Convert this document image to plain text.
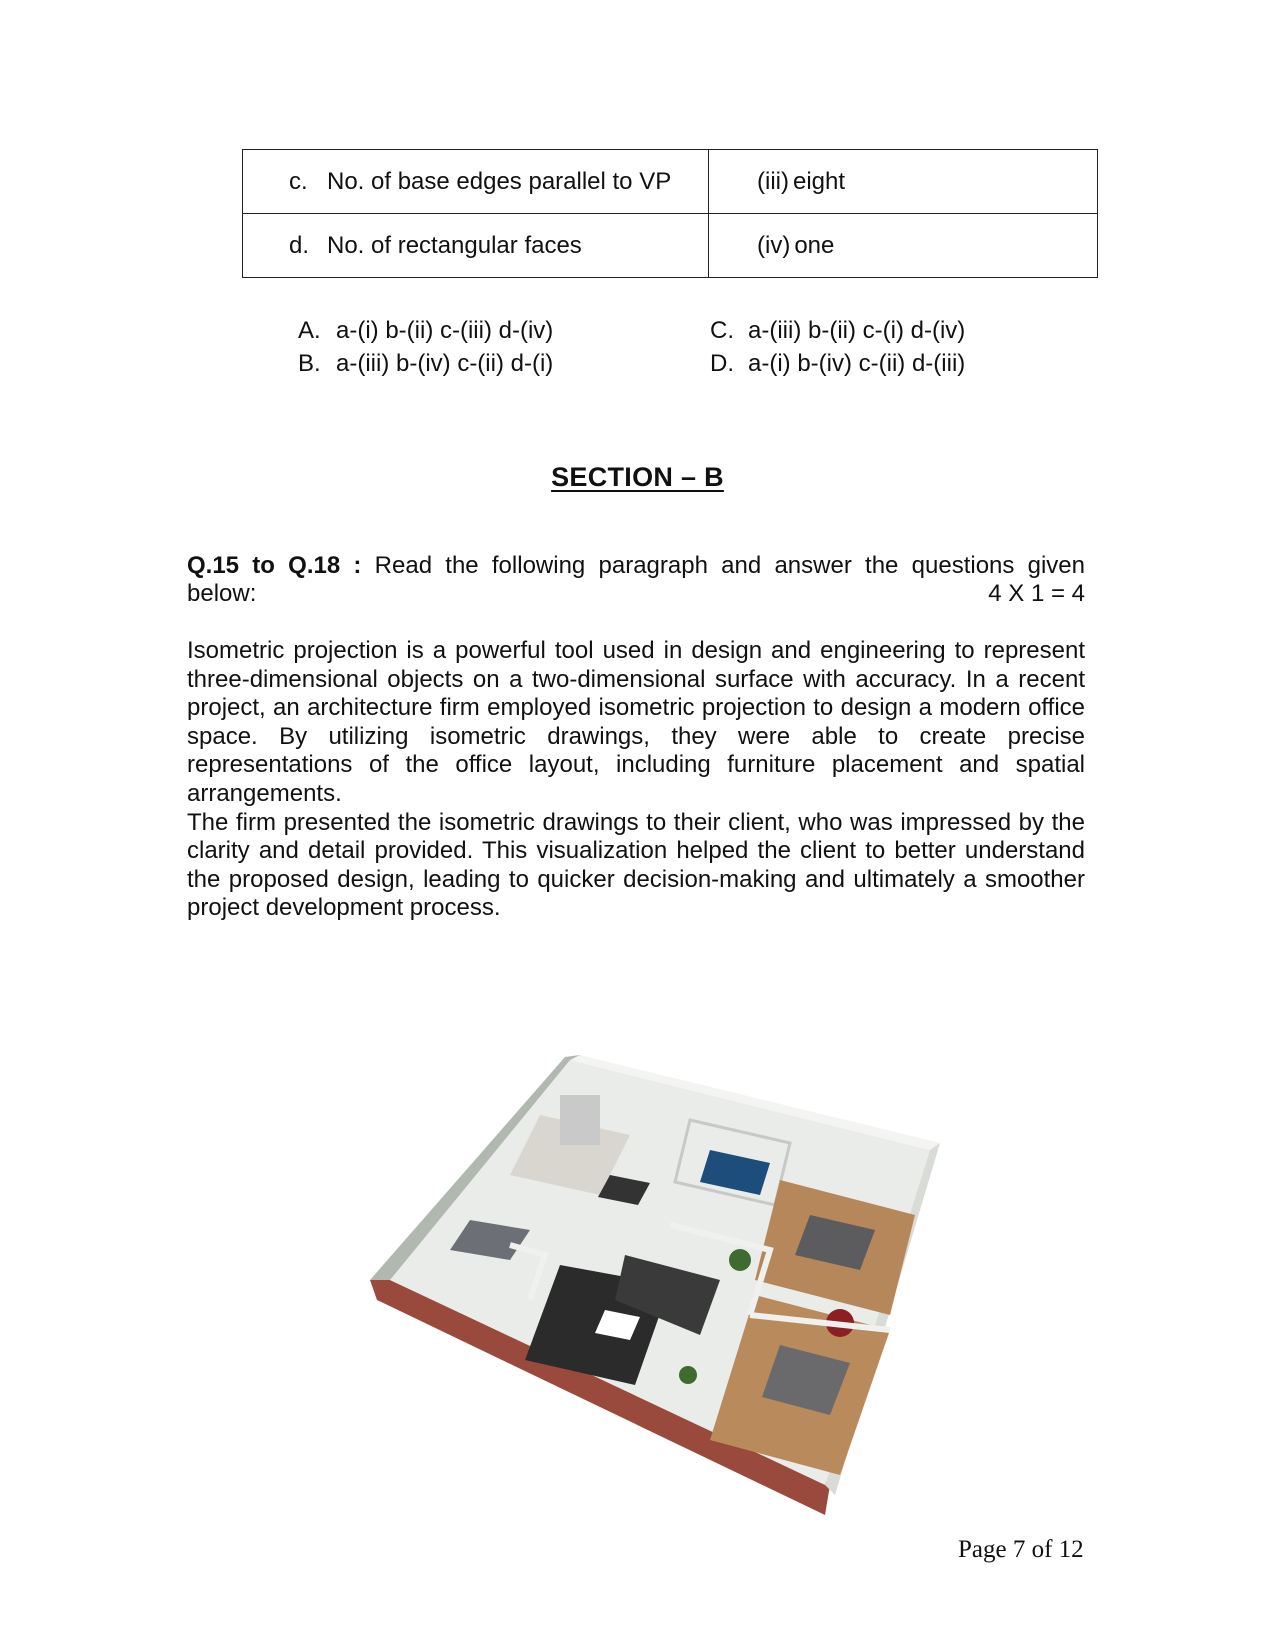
c. No. of base edges parallel to VP	(iii) eight

d. No. of rectangular faces	(iv) one
A. a-(i) b-(ii) c-(iii) d-(iv)
B. a-(iii) b-(iv) c-(ii) d-(i)
C. a-(iii) b-(ii) c-(i) d-(iv)
D. a-(i) b-(iv) c-(ii) d-(iii)
SECTION – B
Q.15 to Q.18 : Read the following paragraph and answer the questions given
below:	4 X 1 = 4

Isometric projection is a powerful tool used in design and engineering to represent three-dimensional objects on a two-dimensional surface with accuracy. In a recent project, an architecture firm employed isometric projection to design a modern office space. By utilizing isometric drawings, they were able to create precise representations of the office layout, including furniture placement and spatial arrangements.

The firm presented the isometric drawings to their client, who was impressed by the clarity and detail provided. This visualization helped the client to better understand the proposed design, leading to quicker decision-making and ultimately a smoother project development process.

Page 7 of 12
